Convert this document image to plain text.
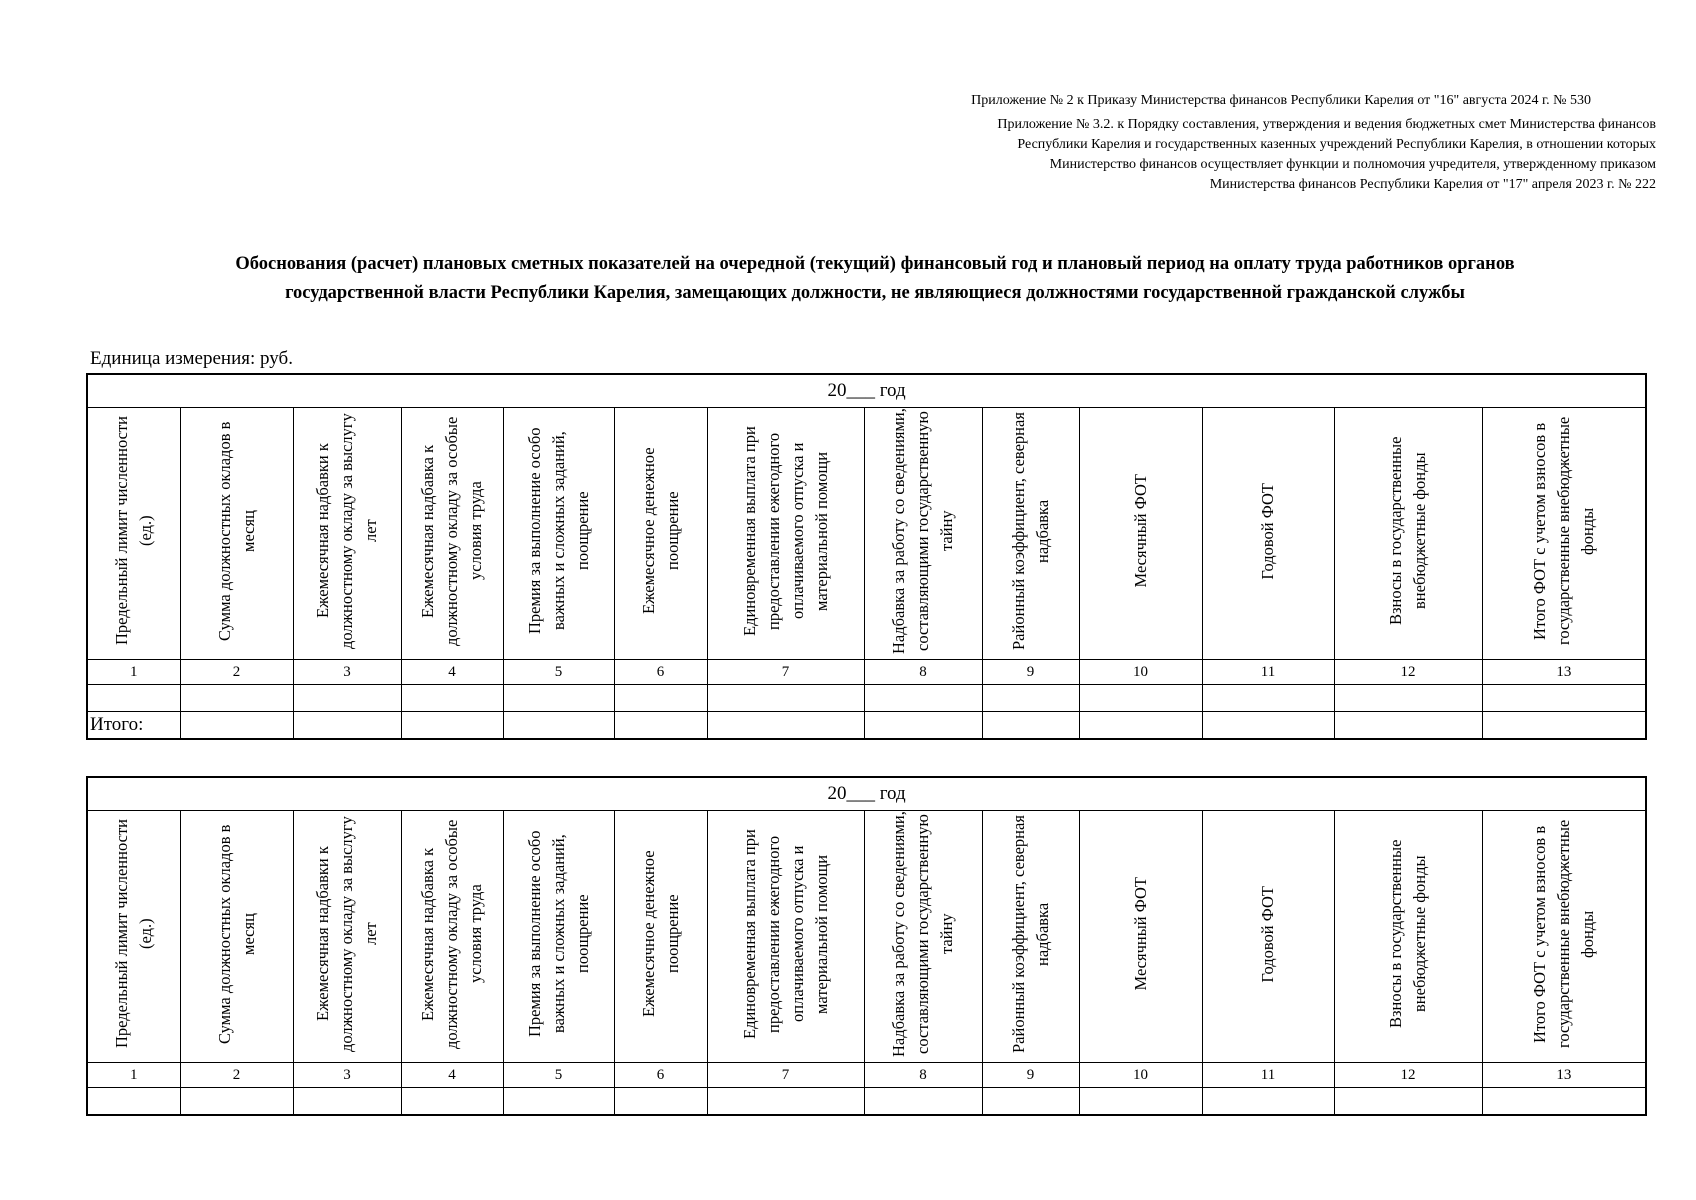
Приложение № 2 к Приказу Министерства финансов Республики Карелия от "16" августа 2024 г. № 530
Приложение № 3.2. к Порядку составления, утверждения и ведения бюджетных смет Министерства финансов
Республики Карелия и государственных казенных учреждений Республики Карелия, в отношении которых
Министерство финансов осуществляет функции и полномочия учредителя, утвержденному приказом
Министерства финансов Республики Карелия от "17" апреля 2023 г. № 222
Обоснования (расчет) плановых сметных показателей на очередной (текущий) финансовый год и плановый период на оплату труда работников органов
государственной власти Республики Карелия, замещающих должности, не являющиеся должностями государственной гражданской службы
Единица измерения: руб.
20___ год												
Предельный лимит численности (ед.)	Сумма должностных окладов в месяц	Ежемесячная надбавки к должностному окладу за выслугу лет	Ежемесячная надбавка к должностному окладу за особые условия труда	Премия за выполнение особо важных и сложных заданий, поощрение	Ежемесячное денежное поощрение	Единовременная выплата при предоставлении ежегодного оплачиваемого отпуска и материальной помощи	Надбавка за работу со сведениями, составляющими государственную тайну	Районный коэффициент, северная надбавка	Месячный ФОТ	Годовой ФОТ	Взносы в государственные внебюджетные фонды	Итого ФОТ с учетом взносов в государственные внебюджетные фонды
1	2	3	4	5	6	7	8	9	10	11	12	13

Итого:												
20___ год												
Предельный лимит численности (ед.)	Сумма должностных окладов в месяц	Ежемесячная надбавки к должностному окладу за выслугу лет	Ежемесячная надбавка к должностному окладу за особые условия труда	Премия за выполнение особо важных и сложных заданий, поощрение	Ежемесячное денежное поощрение	Единовременная выплата при предоставлении ежегодного оплачиваемого отпуска и материальной помощи	Надбавка за работу со сведениями, составляющими государственную тайну	Районный коэффициент, северная надбавка	Месячный ФОТ	Годовой ФОТ	Взносы в государственные внебюджетные фонды	Итого ФОТ с учетом взносов в государственные внебюджетные фонды
1	2	3	4	5	6	7	8	9	10	11	12	13
